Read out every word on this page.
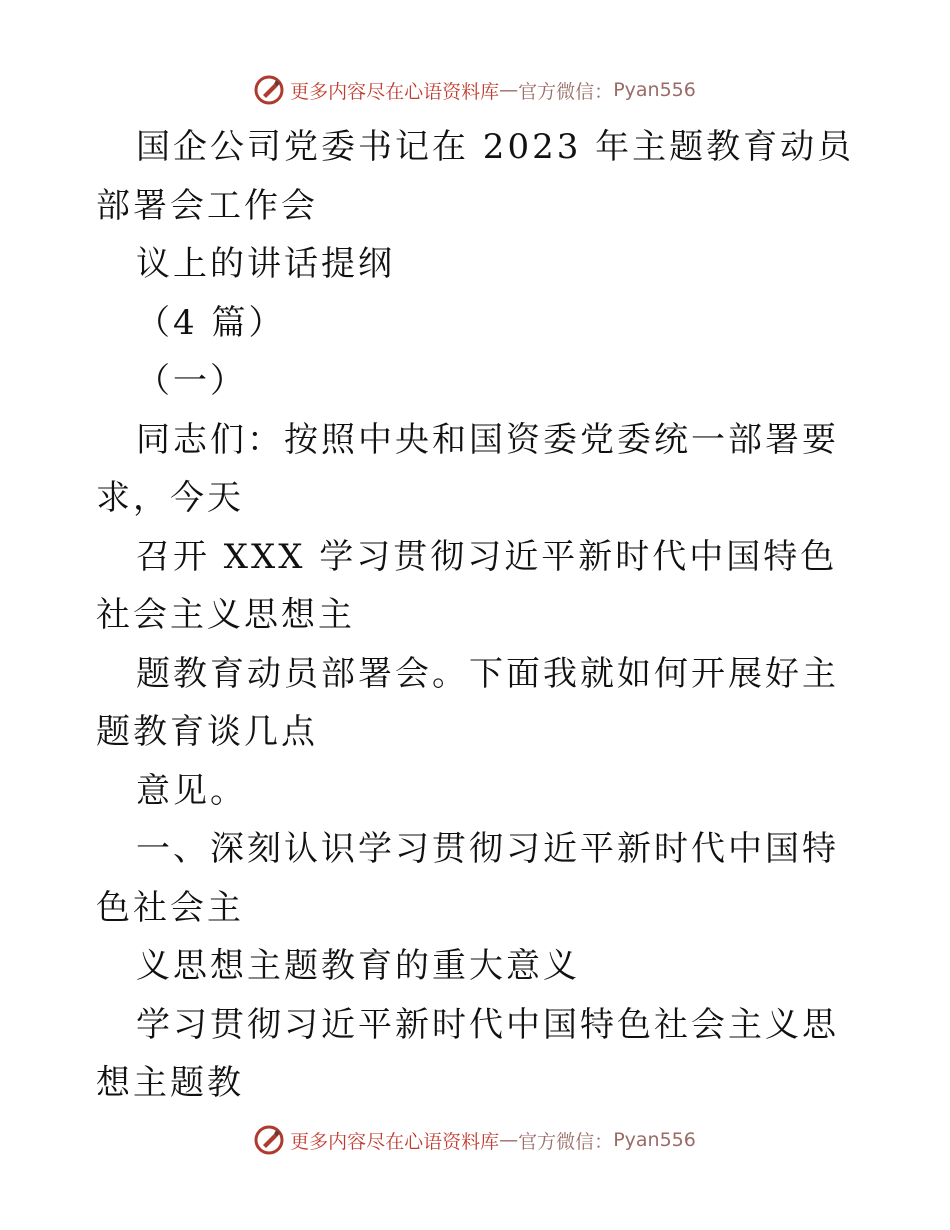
更多内容尽在心语资料库 — 官方微信： Pyan556

国企公司党委书记在 2023 年主题教育动员部署会工作会

议上的讲话提纲

（4 篇）

（一）

同志们：按照中央和国资委党委统一部署要求，今天

召开 XXX 学习贯彻习近平新时代中国特色社会主义思想主

题教育动员部署会。下面我就如何开展好主题教育谈几点

意见。

一、深刻认识学习贯彻习近平新时代中国特色社会主

义思想主题教育的重大意义

学习贯彻习近平新时代中国特色社会主义思想主题教

更多内容尽在心语资料库 — 官方微信： Pyan556
